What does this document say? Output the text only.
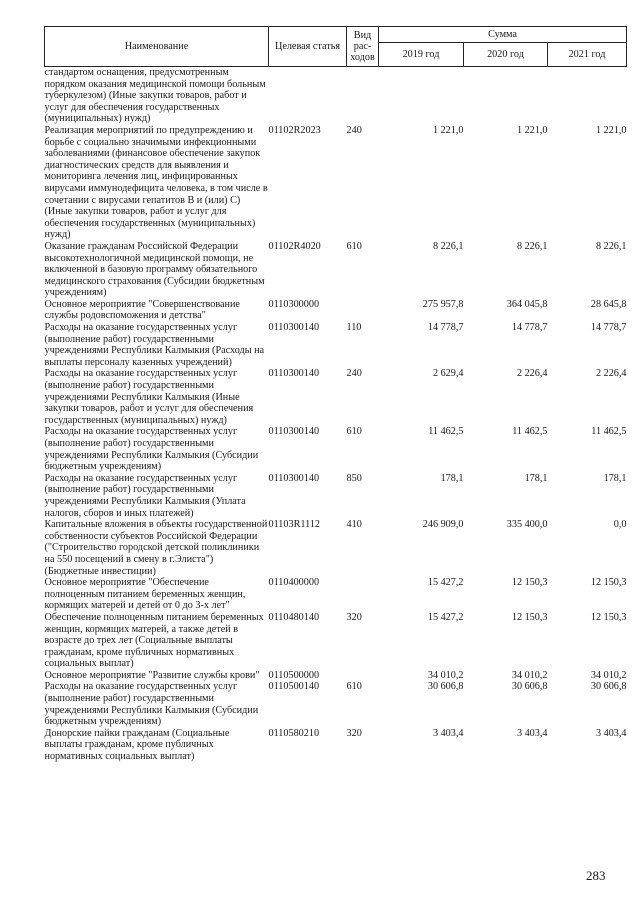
Наименование	Целевая статья	Вид рас-ходов	Сумма		
			2019 год	2020 год	2021 год
стандартом оснащения, предусмотренным порядком оказания медицинской помощи больным туберкулезом) (Иные закупки товаров, работ и услуг для обеспечения государственных (муниципальных) нужд)					
Реализация мероприятий по предупреждению и борьбе с социально значимыми инфекционными заболеваниями (финансовое обеспечение закупок диагностических средств для выявления и мониторинга лечения лиц, инфицированных вирусами иммунодефицита человека, в том числе в сочетании с вирусами гепатитов В и (или) С) (Иные закупки товаров, работ и услуг для обеспечения государственных (муниципальных) нужд)	01102R2023	240	1 221,0	1 221,0	1 221,0
Оказание гражданам Российской Федерации высокотехнологичной медицинской помощи, не включенной в базовую программу обязательного медицинского страхования (Субсидии бюджетным учреждениям)	01102R4020	610	8 226,1	8 226,1	8 226,1
Основное мероприятие "Совершенствование службы родовспоможения и детства"	0110300000		275 957,8	364 045,8	28 645,8
Расходы на оказание государственных услуг (выполнение работ) государственными учреждениями Республики Калмыкия (Расходы на выплаты персоналу казенных учреждений)	0110300140	110	14 778,7	14 778,7	14 778,7
Расходы на оказание государственных услуг (выполнение работ) государственными учреждениями Республики Калмыкия (Иные закупки товаров, работ и услуг для обеспечения государственных (муниципальных) нужд)	0110300140	240	2 629,4	2 226,4	2 226,4
Расходы на оказание государственных услуг (выполнение работ) государственными учреждениями Республики Калмыкия (Субсидии бюджетным учреждениям)	0110300140	610	11 462,5	11 462,5	11 462,5
Расходы на оказание государственных услуг (выполнение работ) государственными учреждениями Республики Калмыкия (Уплата налогов, сборов и иных платежей)	0110300140	850	178,1	178,1	178,1
Капитальные вложения в объекты государственной собственности субъектов Российской Федерации ("Строительство городской детской поликлиники на 550 посещений в смену в г.Элиста") (Бюджетные инвестиции)	01103R1112	410	246 909,0	335 400,0	0,0
Основное мероприятие "Обеспечение полноценным питанием беременных женщин, кормящих матерей и детей от 0 до 3-х лет"	0110400000		15 427,2	12 150,3	12 150,3
Обеспечение полноценным питанием беременных женщин, кормящих матерей, а также детей в возрасте до трех лет (Социальные выплаты гражданам, кроме публичных нормативных социальных выплат)	0110480140	320	15 427,2	12 150,3	12 150,3
Основное мероприятие "Развитие службы крови"	0110500000		34 010,2	34 010,2	34 010,2
Расходы на оказание государственных услуг (выполнение работ) государственными учреждениями Республики Калмыкия (Субсидии бюджетным учреждениям)	0110500140	610	30 606,8	30 606,8	30 606,8
Донорские пайки гражданам (Социальные выплаты гражданам, кроме публичных нормативных социальных выплат)	0110580210	320	3 403,4	3 403,4	3 403,4
283
